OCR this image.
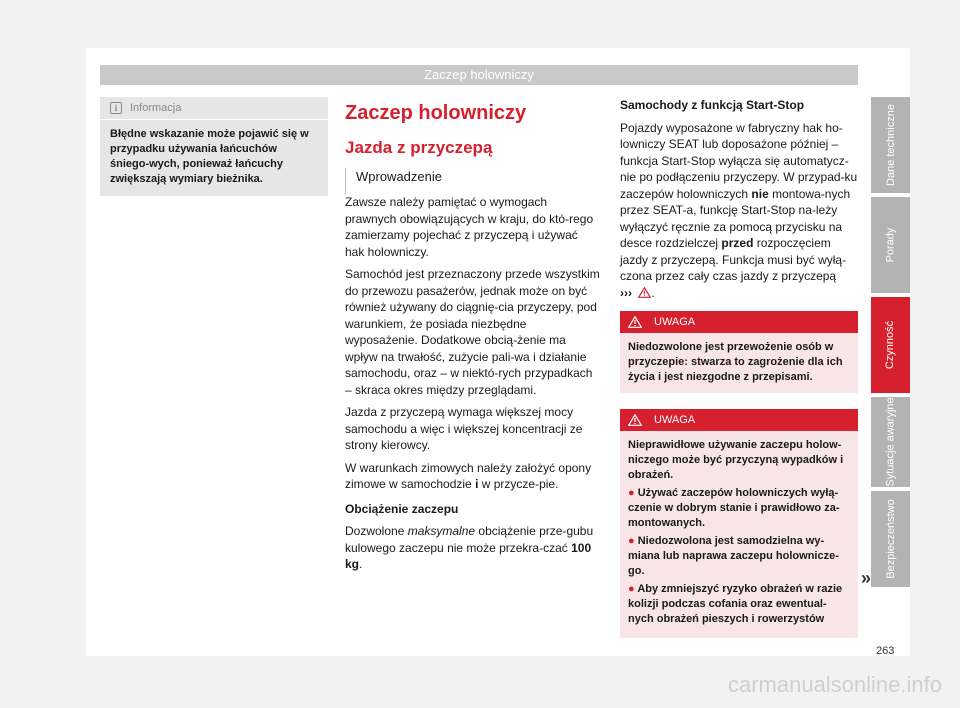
Zaczep holowniczy
i	Informacja
Błędne wskazanie może pojawić się w przypadku używania łańcuchów śniego-wych, ponieważ łańcuchy zwiększają wymiary bieżnika.
Zaczep holowniczy
Jazda z przyczepą
Wprowadzenie

Zawsze należy pamiętać o wymogach prawnych obowiązujących w kraju, do któ-rego zamierzamy pojechać z przyczepą i używać hak holowniczy.

Samochód jest przeznaczony przede wszystkim do przewozu pasażerów, jednak może on być również używany do ciągnię-cia przyczepy, pod warunkiem, że posiada niezbędne wyposażenie. Dodatkowe obcią-żenie ma wpływ na trwałość, zużycie pali-wa i działanie samochodu, oraz – w niektó-rych przypadkach – skraca okres między przeglądami.

Jazda z przyczepą wymaga większej mocy samochodu a więc i większej koncentracji ze strony kierowcy.

W warunkach zimowych należy założyć opony zimowe w samochodzie i w przycze-pie.

Obciążenie zaczepu

Dozwolone maksymalne obciążenie prze-gubu kulowego zaczepu nie może przekra-czać 100 kg.

Samochody z funkcją Start-Stop

Pojazdy wyposażone w fabryczny hak ho-lowniczy SEAT lub doposażone później – funkcja Start-Stop wyłącza się automatycz-nie po podłączeniu przyczepy. W przypad-ku zaczepów holowniczych nie montowa-nych przez SEAT-a, funkcję Start-Stop na-leży wyłączyć ręcznie za pomocą przycisku na desce rozdzielczej przed rozpoczęciem jazdy z przyczepą. Funkcja musi być wyłą-czona przez cały czas jazdy z przyczepą
››› .

UWAGA
Niedozwolone jest przewożenie osób w przyczepie: stwarza to zagrożenie dla ich życia i jest niezgodne z przepisami.
UWAGA
Nieprawidłowe używanie zaczepu holow-niczego może być przyczyną wypadków i obrażeń.
● Używać zaczepów holowniczych wyłą-czenie w dobrym stanie i prawidłowo za-montowanych.
● Niedozwolona jest samodzielna wy-miana lub naprawa zaczepu holownicze-go.
● Aby zmniejszyć ryzyko obrażeń w razie kolizji podczas cofania oraz ewentual-nych obrażeń pieszych i rowerzystów
»
Dane techniczne
Porady
Czynność
Sytuacje awaryjne
Bezpieczeństwo
263
carmanualsonline.info
